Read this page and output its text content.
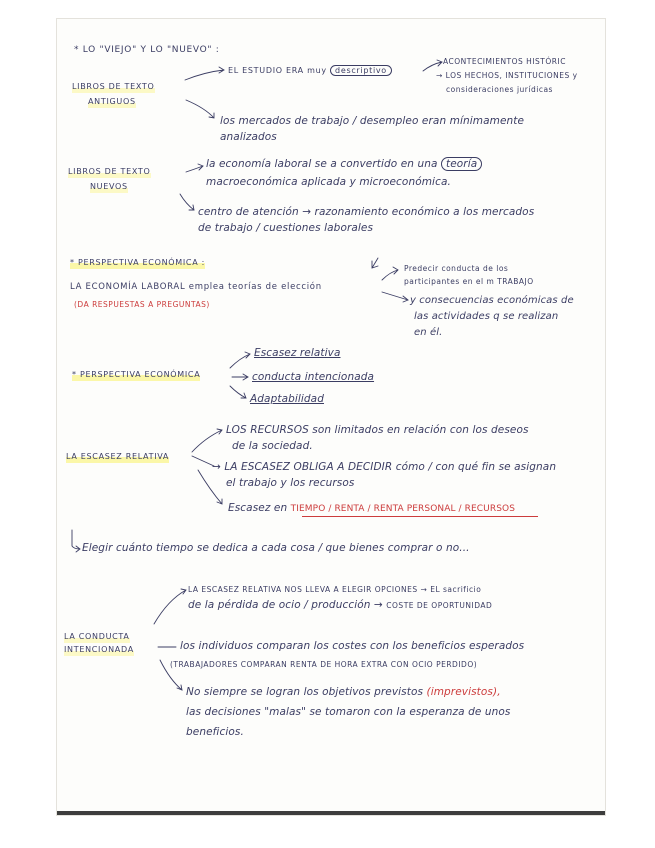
* LO "VIEJO" Y LO "NUEVO" :
LIBROS DE TEXTO
ANTIGUOS
EL ESTUDIO ERA muy descriptivo
ACONTECIMIENTOS HISTÓRIC
→ LOS HECHOS, INSTITUCIONES y
consideraciones jurídicas
los mercados de trabajo / desempleo eran mínimamente
analizados
LIBROS DE TEXTO
NUEVOS
la economía laboral se a convertido en una teoría
macroeconómica aplicada y microeconómica.
centro de atención → razonamiento económico a los mercados
de trabajo / cuestiones laborales
* PERSPECTIVA ECONÓMICA :
LA ECONOMÍA LABORAL emplea teorías de elección
(DA RESPUESTAS A PREGUNTAS)
Predecir conducta de los
participantes en el m TRABAJO
y consecuencias económicas de
las actividades q se realizan
en él.
* PERSPECTIVA ECONÓMICA
Escasez relativa
conducta intencionada
Adaptabilidad
LA ESCASEZ RELATIVA
LOS RECURSOS son limitados en relación con los deseos
de la sociedad.
→ LA ESCASEZ OBLIGA A DECIDIR cómo / con qué fin se asignan
el trabajo y los recursos
Escasez en TIEMPO / RENTA / RENTA PERSONAL / RECURSOS
Elegir cuánto tiempo se dedica a cada cosa / que bienes comprar o no...
LA CONDUCTA
INTENCIONADA
LA ESCASEZ RELATIVA NOS LLEVA A ELEGIR OPCIONES → EL sacrificio
de la pérdida de ocio / producción → COSTE DE OPORTUNIDAD
los individuos comparan los costes con los beneficios esperados
(TRABAJADORES COMPARAN RENTA DE HORA EXTRA CON OCIO PERDIDO)
No siempre se logran los objetivos previstos (imprevistos),
las decisiones "malas" se tomaron con la esperanza de unos
beneficios.
